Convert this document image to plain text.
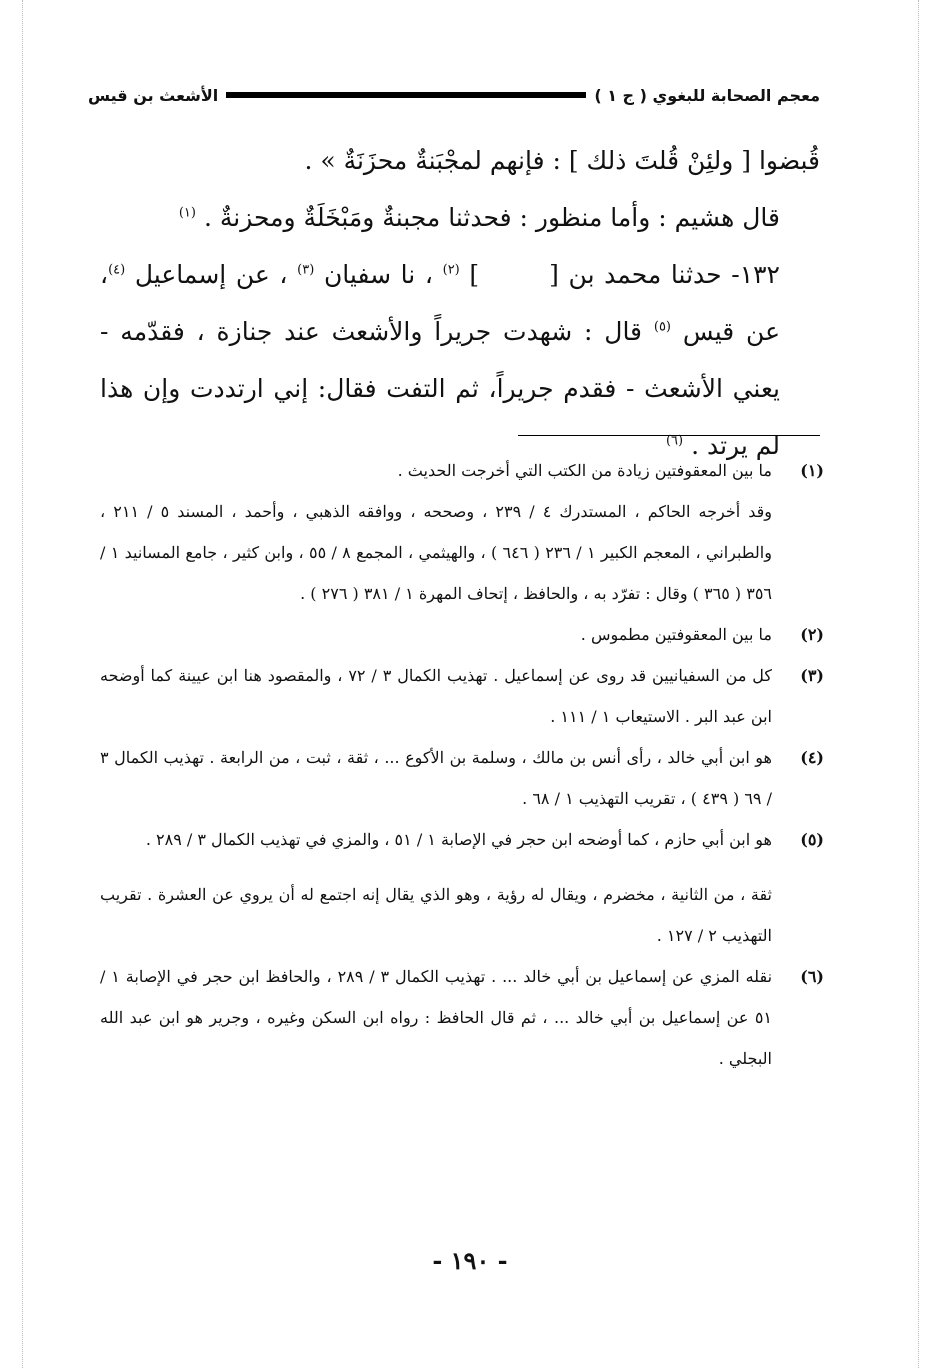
معجم الصحابة للبغوي ( ج ١ )
الأشعث بن قيس

قُبضوا [ ولئِنْ قُلتَ ذلك ] : فإنهم لمجْبَنةٌ محزَنَةٌ » .

قال هشيم : وأما منظور : فحدثنا مجبنةٌ ومَبْخَلَةٌ ومحزنةٌ . $^{(١)}$

١٣٢- حدثنا محمد بن [] $^{(٢)}$ ، نا سفيان $^{(٣)}$ ، عن إسماعيل $^{(٤)}$، عن قيس $^{(٥)}$ قال : شهدت جريراً والأشعث عند جنازة ، فقدّمه - يعني الأشعث - فقدم جريراً، ثم التفت فقال: إني ارتددت وإن هذا لم يرتد . $^{(٦)}$

(١)

ما بين المعقوفتين زيادة من الكتب التي أخرجت الحديث .

وقد أخرجه الحاكم ، المستدرك ٤ / ٢٣٩ ، وصححه ، ووافقه الذهبي ، وأحمد ، المسند ٥ / ٢١١ ، والطبراني ، المعجم الكبير ١ / ٢٣٦ ( ٦٤٦ ) ، والهيثمي ، المجمع ٨ / ٥٥ ، وابن كثير ، جامع المسانيد ١ / ٣٥٦ ( ٣٦٥ ) وقال : تفرّد به ، والحافظ ، إتحاف المهرة ١ / ٣٨١ ( ٢٧٦ ) .

(٢)

ما بين المعقوفتين مطموس .

(٣)

كل من السفيانيين قد روى عن إسماعيل . تهذيب الكمال ٣ / ٧٢ ، والمقصود هنا ابن عيينة كما أوضحه ابن عبد البر . الاستيعاب ١ / ١١١ .

(٤)

هو ابن أبي خالد ، رأى أنس بن مالك ، وسلمة بن الأكوع ... ، ثقة ، ثبت ، من الرابعة . تهذيب الكمال ٣ / ٦٩ ( ٤٣٩ ) ، تقريب التهذيب ١ / ٦٨ .

(٥)

هو ابن أبي حازم ، كما أوضحه ابن حجر في الإصابة ١ / ٥١ ، والمزي في تهذيب الكمال ٣ / ٢٨٩ .

ثقة ، من الثانية ، مخضرم ، ويقال له رؤية ، وهو الذي يقال إنه اجتمع له أن يروي عن العشرة . تقريب التهذيب ٢ / ١٢٧ .

(٦)

نقله المزي عن إسماعيل بن أبي خالد ... . تهذيب الكمال ٣ / ٢٨٩ ، والحافظ ابن حجر في الإصابة ١ / ٥١ عن إسماعيل بن أبي خالد ... ، ثم قال الحافظ : رواه ابن السكن وغيره ، وجرير هو ابن عبد الله البجلي .

- ١٩٠ -
